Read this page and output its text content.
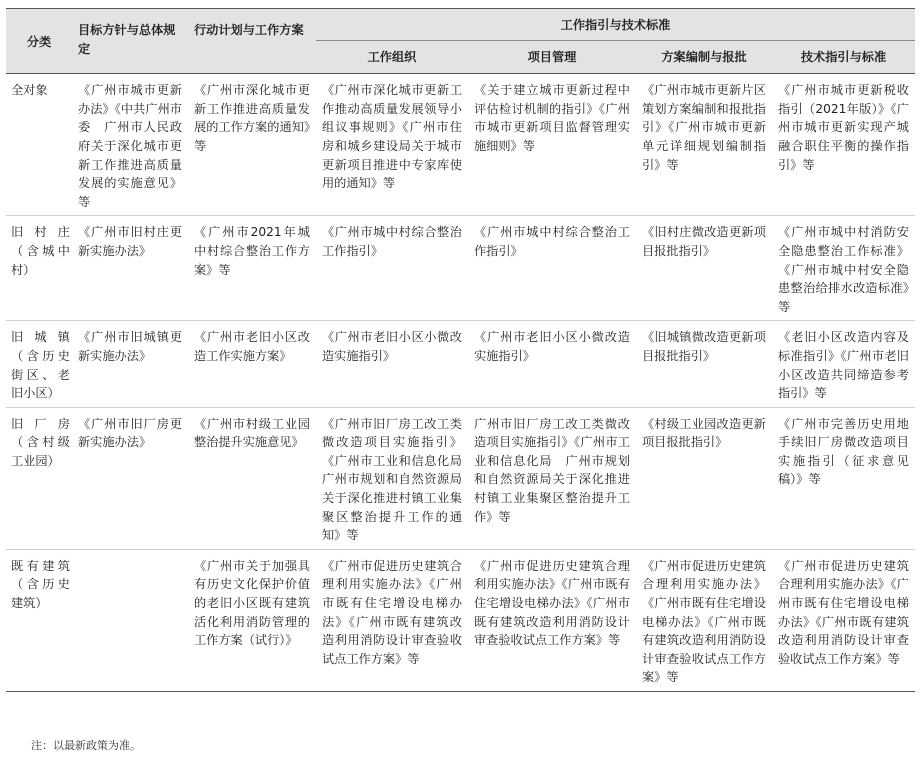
分类	目标方针与总体规定	行动计划与工作方案	工作指引与技术标准			
			工作组织	项目管理	方案编制与报批	技术指引与标准
全对象	《广州市城市更新办法》《中共广州市委　广州市人民政府关于深化城市更新工作推进高质量发展的实施意见》等	《广州市深化城市更新工作推进高质量发展的工作方案的通知》等	《广州市深化城市更新工作推动高质量发展领导小组议事规则》《广州市住房和城乡建设局关于城市更新项目推进中专家库使用的通知》等	《关于建立城市更新过程中评估检讨机制的指引》《广州市城市更新项目监督管理实施细则》等	《广州市城市更新片区策划方案编制和报批指引》《广州市城市更新单元详细规划编制指引》等	《广州市城市更新税收指引（2021年版）》《广州市城市更新实现产城融合职住平衡的操作指引》等
旧村庄（含城中村）	《广州市旧村庄更新实施办法》	《广州市2021年城中村综合整治工作方案》等	《广州市城中村综合整治工作指引》	《广州市城中村综合整治工作指引》	《旧村庄微改造更新项目报批指引》	《广州市城中村消防安全隐患整治工作标准》《广州市城中村安全隐患整治给排水改造标准》等
旧城镇（含历史街区、老旧小区）	《广州市旧城镇更新实施办法》	《广州市老旧小区改造工作实施方案》	《广州市老旧小区小微改造实施指引》	《广州市老旧小区小微改造实施指引》	《旧城镇微改造更新项目报批指引》	《老旧小区改造内容及标准指引》《广州市老旧小区改造共同缔造参考指引》等
旧厂房（含村级工业园）	《广州市旧厂房更新实施办法》	《广州市村级工业园整治提升实施意见》	《广州市旧厂房工改工类微改造项目实施指引》《广州市工业和信息化局　广州市规划和自然资源局关于深化推进村镇工业集聚区整治提升工作的通知》等	广州市旧厂房工改工类微改造项目实施指引》《广州市工业和信息化局　广州市规划和自然资源局关于深化推进村镇工业集聚区整治提升工作》等	《村级工业园改造更新项目报批指引》	《广州市完善历史用地手续旧厂房微改造项目实施指引（征求意见稿）》等
既有建筑（含历史建筑）		《广州市关于加强具有历史文化保护价值的老旧小区既有建筑活化利用消防管理的工作方案（试行）》	《广州市促进历史建筑合理利用实施办法》《广州市既有住宅增设电梯办法》《广州市既有建筑改造利用消防设计审查验收试点工作方案》等	《广州市促进历史建筑合理利用实施办法》《广州市既有住宅增设电梯办法》《广州市既有建筑改造利用消防设计审查验收试点工作方案》等	《广州市促进历史建筑合理利用实施办法》《广州市既有住宅增设电梯办法》《广州市既有建筑改造利用消防设计审查验收试点工作方案》等	《广州市促进历史建筑合理利用实施办法》《广州市既有住宅增设电梯办法》《广州市既有建筑改造利用消防设计审查验收试点工作方案》等
注：以最新政策为准。
